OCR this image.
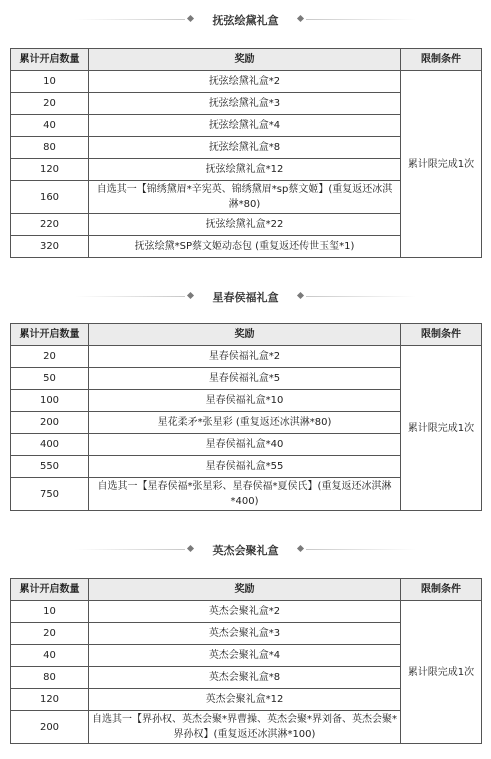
抚弦绘黛礼盒
累计开启数量	奖励	限制条件
10	抚弦绘黛礼盒*2	累计限完成1次
20	抚弦绘黛礼盒*3	
40	抚弦绘黛礼盒*4	
80	抚弦绘黛礼盒*8	
120	抚弦绘黛礼盒*12	
160	自选其一【锦绣黛眉*辛宪英、锦绣黛眉*sp蔡文姬】(重复返还冰淇淋*80)	
220	抚弦绘黛礼盒*22	
320	抚弦绘黛*SP蔡文姬动态包 (重复返还传世玉玺*1)	
星春侯福礼盒
累计开启数量	奖励	限制条件
20	星春侯福礼盒*2	累计限完成1次
50	星春侯福礼盒*5	
100	星春侯福礼盒*10	
200	星花柔矛*张星彩 (重复返还冰淇淋*80)	
400	星春侯福礼盒*40	
550	星春侯福礼盒*55	
750	自选其一【星春侯福*张星彩、星春侯福*夏侯氏】(重复返还冰淇淋*400)	
英杰会聚礼盒
累计开启数量	奖励	限制条件
10	英杰会聚礼盒*2	累计限完成1次
20	英杰会聚礼盒*3	
40	英杰会聚礼盒*4	
80	英杰会聚礼盒*8	
120	英杰会聚礼盒*12	
200	自选其一【界孙权、英杰会聚*界曹操、英杰会聚*界刘备、英杰会聚*界孙权】(重复返还冰淇淋*100)	
